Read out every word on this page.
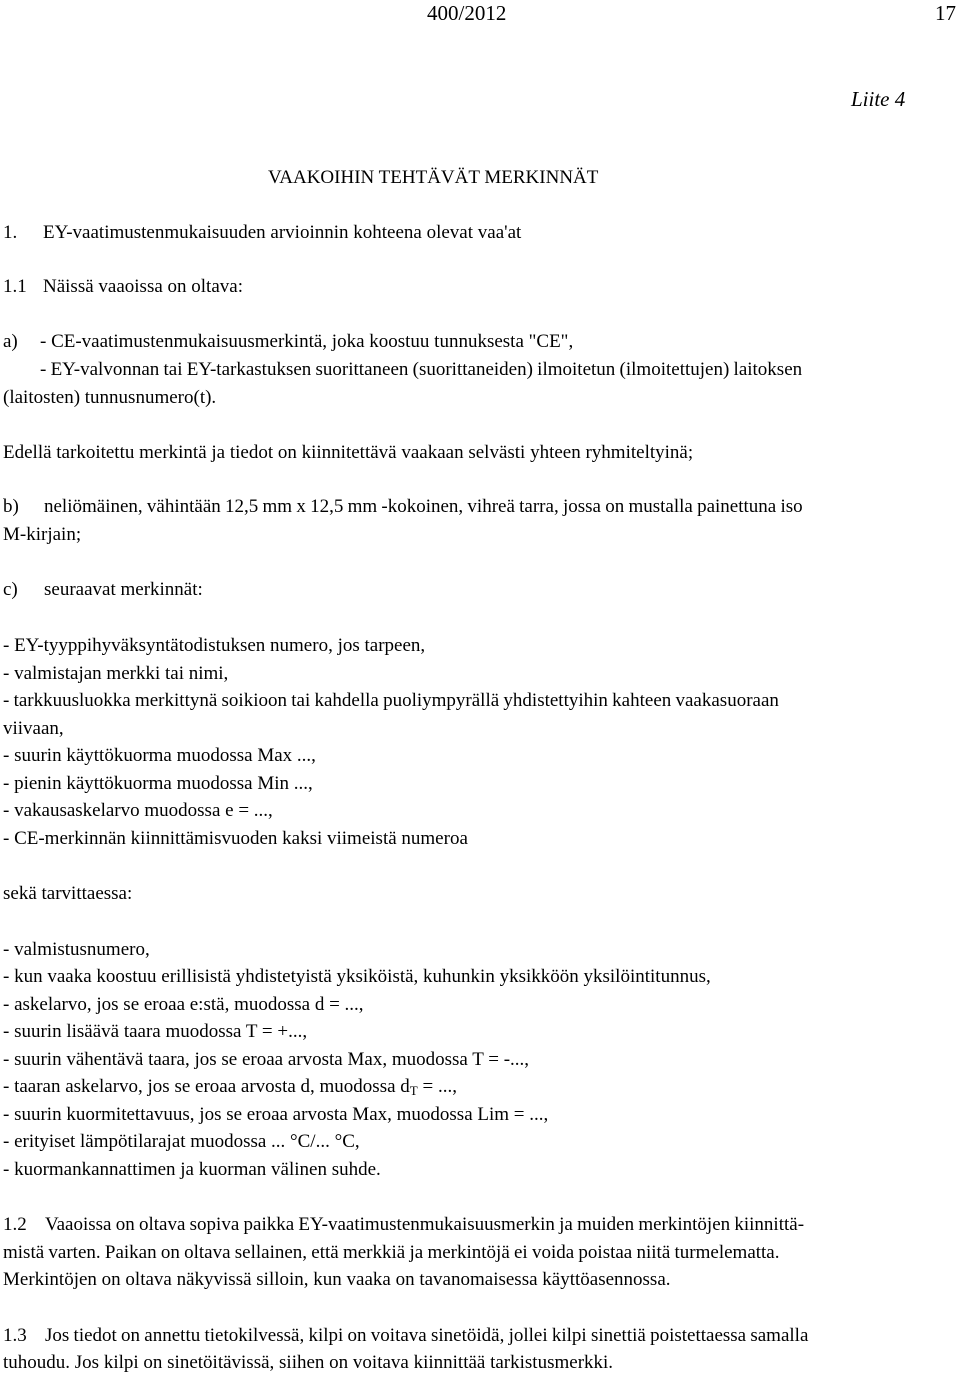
400/2012	17
Liite 4
VAAKOIHIN TEHTÄVÄT MERKINNÄT
1. EY-vaatimustenmukaisuuden arvioinnin kohteena olevat vaa'at
1.1 Näissä vaaoissa on oltava:
a) - CE-vaatimustenmukaisuusmerkintä, joka koostuu tunnuksesta "CE",
- EY-valvonnan tai EY-tarkastuksen suorittaneen (suorittaneiden) ilmoitetun (ilmoitettujen) laitoksen
(laitosten) tunnusnumero(t).
Edellä tarkoitettu merkintä ja tiedot on kiinnitettävä vaakaan selvästi yhteen ryhmiteltyinä;
b) neliömäinen, vähintään 12,5 mm x 12,5 mm -kokoinen, vihreä tarra, jossa on mustalla painettuna iso
M-kirjain;
c) seuraavat merkinnät:
- EY-tyyppihyväksyntätodistuksen numero, jos tarpeen,
- valmistajan merkki tai nimi,
- tarkkuusluokka merkittynä soikioon tai kahdella puoliympyrällä yhdistettyihin kahteen vaakasuoraan
viivaan,
- suurin käyttökuorma muodossa Max ...,
- pienin käyttökuorma muodossa Min ...,
- vakausaskelarvo muodossa e = ...,
- CE-merkinnän kiinnittämisvuoden kaksi viimeistä numeroa
sekä tarvittaessa:
- valmistusnumero,
- kun vaaka koostuu erillisistä yhdistetyistä yksiköistä, kuhunkin yksikköön yksilöintitunnus,
- askelarvo, jos se eroaa e:stä, muodossa d = ...,
- suurin lisäävä taara muodossa T = +...,
- suurin vähentävä taara, jos se eroaa arvosta Max, muodossa T = -...,
- taaran askelarvo, jos se eroaa arvosta d, muodossa $d_T$ = ...,
- suurin kuormitettavuus, jos se eroaa arvosta Max, muodossa Lim = ...,
- erityiset lämpötilarajat muodossa ... °C/... °C,
- kuormankannattimen ja kuorman välinen suhde.
1.2 Vaaoissa on oltava sopiva paikka EY-vaatimustenmukaisuusmerkin ja muiden merkintöjen kiinnittä-
mistä varten. Paikan on oltava sellainen, että merkkiä ja merkintöjä ei voida poistaa niitä turmelematta.
Merkintöjen on oltava näkyvissä silloin, kun vaaka on tavanomaisessa käyttöasennossa.
1.3 Jos tiedot on annettu tietokilvessä, kilpi on voitava sinetöidä, jollei kilpi sinettiä poistettaessa samalla
tuhoudu. Jos kilpi on sinetöitävissä, siihen on voitava kiinnittää tarkistusmerkki.
